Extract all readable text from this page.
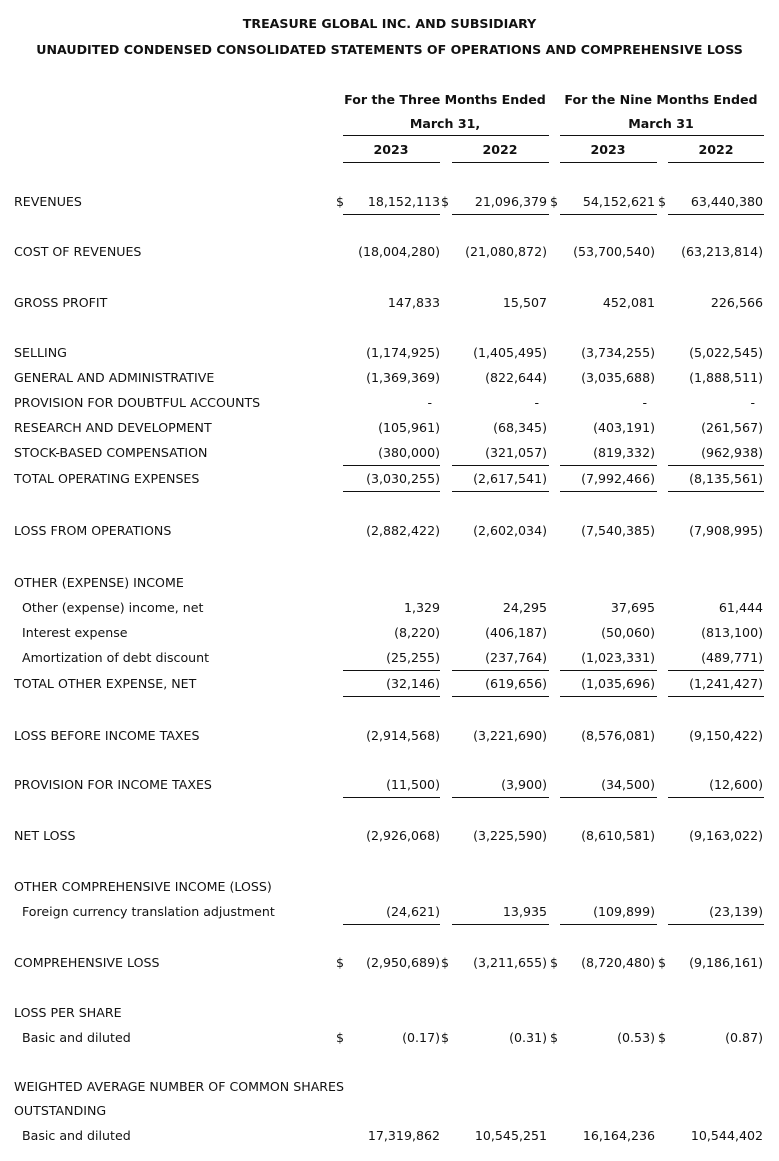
TREASURE GLOBAL INC. AND SUBSIDIARY
UNAUDITED CONDENSED CONSOLIDATED STATEMENTS OF OPERATIONS AND COMPREHENSIVE LOSS
For the Three Months Ended
March 31,
For the Nine Months Ended
March 31
2023	2022	2023	2022
REVENUES	18,152,113	21,096,379	54,152,621	63,440,380
$	$	$	$
COST OF REVENUES	(18,004,280)	(21,080,872)	(53,700,540)	(63,213,814)
GROSS PROFIT	147,833	15,507	452,081	226,566
SELLING	(1,174,925)	(1,405,495)	(3,734,255)	(5,022,545)
GENERAL AND ADMINISTRATIVE	(1,369,369)	(822,644)	(3,035,688)	(1,888,511)
PROVISION FOR DOUBTFUL ACCOUNTS	-	-	-	-
RESEARCH AND DEVELOPMENT	(105,961)	(68,345)	(403,191)	(261,567)
STOCK-BASED COMPENSATION	(380,000)	(321,057)	(819,332)	(962,938)
TOTAL OPERATING EXPENSES	(3,030,255)	(2,617,541)	(7,992,466)	(8,135,561)
LOSS FROM OPERATIONS	(2,882,422)	(2,602,034)	(7,540,385)	(7,908,995)
OTHER (EXPENSE) INCOME
Other (expense) income, net	1,329	24,295	37,695	61,444
Interest expense	(8,220)	(406,187)	(50,060)	(813,100)
Amortization of debt discount	(25,255)	(237,764)	(1,023,331)	(489,771)
TOTAL OTHER EXPENSE, NET	(32,146)	(619,656)	(1,035,696)	(1,241,427)
LOSS BEFORE INCOME TAXES	(2,914,568)	(3,221,690)	(8,576,081)	(9,150,422)
PROVISION FOR INCOME TAXES	(11,500)	(3,900)	(34,500)	(12,600)
NET LOSS	(2,926,068)	(3,225,590)	(8,610,581)	(9,163,022)
OTHER COMPREHENSIVE INCOME (LOSS)
Foreign currency translation adjustment	(24,621)	13,935	(109,899)	(23,139)
COMPREHENSIVE LOSS	(2,950,689)	(3,211,655)	(8,720,480)	(9,186,161)
$	$	$	$
LOSS PER SHARE
Basic and diluted	(0.17)	(0.31)	(0.53)	(0.87)
$	$	$	$
WEIGHTED AVERAGE NUMBER OF COMMON SHARES
OUTSTANDING
Basic and diluted	17,319,862	10,545,251	16,164,236	10,544,402
